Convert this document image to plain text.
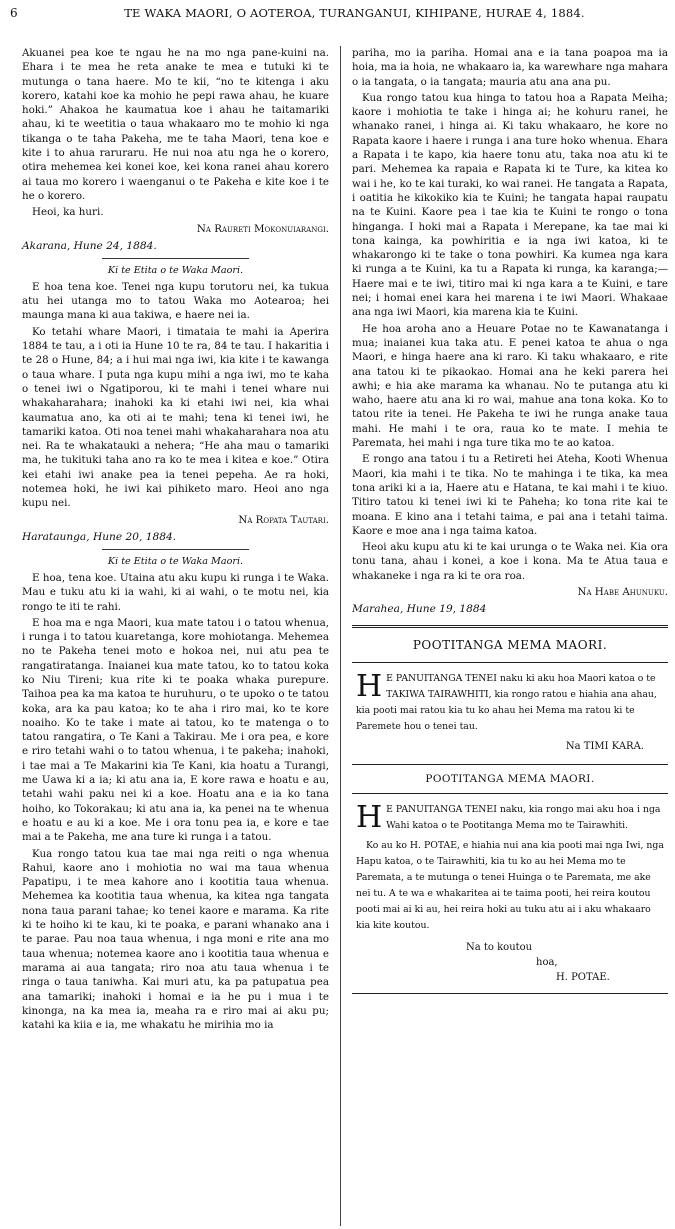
6	TE WAKA MAORI, O AOTEROA, TURANGANUI, KIHIPANE, HURAE 4, 1884.

Akuanei pea koe te ngau he na mo nga pane-kuini na. Ehara i te mea he reta anake te mea e tutuki ki te mutunga o tana haere. Mo te kii, “no te kitenga i aku korero, katahi koe ka mohio he pepi rawa ahau, he kuare hoki.” Ahakoa he kaumatua koe i ahau he taitamariki ahau, ki te weetitia o taua whakaaro mo te mohio ki nga tikanga o te taha Pakeha, me te taha Maori, tena koe e kite i to ahua raruraru. He nui noa atu nga he o korero, otira mehemea kei konei koe, kei kona ranei ahau korero ai taua mo korero i waenganui o te Pakeha e kite koe i te he o korero.

Heoi, ka huri.

Na Raureti Mokonuiarangi.
Akarana, Hune 24, 1884.
Ki te Etita o te Waka Maori.

E hoa tena koe. Tenei nga kupu torutoru nei, ka tukua atu hei utanga mo to tatou Waka mo Aotearoa; hei maunga mana ki aua takiwa, e haere nei ia.

Ko tetahi whare Maori, i timataia te mahi ia Aperira 1884 te tau, a i oti ia Hune 10 te ra, 84 te tau. I hakaritia i te 28 o Hune, 84; a i hui mai nga iwi, kia kite i te kawanga o taua whare. I puta nga kupu mihi a nga iwi, mo te kaha o tenei iwi o Ngatiporou, ki te mahi i tenei whare nui whakaharahara; inahoki ka ki etahi iwi nei, kia whai kaumatua ano, ka oti ai te mahi; tena ki tenei iwi, he tamariki katoa. Oti noa tenei mahi whakaharahara noa atu nei. Ra te whakatauki a nehera; “He aha mau o tamariki ma, he tukituki taha ano ra ko te mea i kitea e koe.” Otira kei etahi iwi anake pea ia tenei pepeha. Ae ra hoki, notemea hoki, he iwi kai pihiketo maro. Heoi ano nga kupu nei.

Na Ropata Tautari.
Harataunga, Hune 20, 1884.
Ki te Etita o te Waka Maori.

E hoa, tena koe. Utaina atu aku kupu ki runga i te Waka. Mau e tuku atu ki ia wahi, ki ai wahi, o te motu nei, kia rongo te iti te rahi.

E hoa ma e nga Maori, kua mate tatou i o tatou whenua, i runga i to tatou kuaretanga, kore mohiotanga. Mehemea no te Pakeha tenei moto e hokoa nei, nui atu pea te rangatiratanga. Inaianei kua mate tatou, ko to tatou koka ko Niu Tireni; kua rite ki te poaka whaka purepure. Taihoa pea ka ma katoa te huruhuru, o te upoko o te tatou koka, ara ka pau katoa; ko te aha i riro mai, ko te kore noaiho. Ko te take i mate ai tatou, ko te matenga o to tatou rangatira, o Te Kani a Takirau. Me i ora pea, e kore e riro tetahi wahi o to tatou whenua, i te pakeha; inahoki, i tae mai a Te Makarini kia Te Kani, kia hoatu a Turangi, me Uawa ki a ia; ki atu ana ia, E kore rawa e hoatu e au, tetahi wahi paku nei ki a koe. Hoatu ana e ia ko tana hoiho, ko Tokorakau; ki atu ana ia, ka penei na te whenua e hoatu e au ki a koe. Me i ora tonu pea ia, e kore e tae mai a te Pakeha, me ana ture ki runga i a tatou.

Kua rongo tatou kua tae mai nga reiti o nga whenua Rahui, kaore ano i mohiotia no wai ma taua whenua Papatipu, i te mea kahore ano i kootitia taua whenua. Mehemea ka kootitia taua whenua, ka kitea nga tangata nona taua parani tahae; ko tenei kaore e marama. Ka rite ki te hoiho ki te kau, ki te poaka, e parani whanako ana i te parae. Pau noa taua whenua, i nga moni e rite ana mo taua whenua; notemea kaore ano i kootitia taua whenua e marama ai aua tangata; riro noa atu taua whenua i te ringa o taua taniwha. Kai muri atu, ka pa patupatua pea ana tamariki; inahoki i homai e ia he pu i mua i te kinonga, na ka mea ia, meaha ra e riro mai ai aku pu; katahi ka kiia e ia, me whakatu he mirihia mo ia

pariha, mo ia pariha. Homai ana e ia tana poapoa ma ia hoia, ma ia hoia, ne whakaaro ia, ka warewhare nga mahara o ia tangata, o ia tangata; mauria atu ana ana pu.

Kua rongo tatou kua hinga to tatou hoa a Rapata Meiha; kaore i mohiotia te take i hinga ai; he kohuru ranei, he whanako ranei, i hinga ai. Ki taku whakaaro, he kore no Rapata kaore i haere i runga i ana ture hoko whenua. Ehara a Rapata i te kapo, kia haere tonu atu, taka noa atu ki te pari. Mehemea ka rapaia e Rapata ki te Ture, ka kitea ko wai i he, ko te kai turaki, ko wai ranei. He tangata a Rapata, i oatitia he kikokiko kia te Kuini; he tangata hapai raupatu na te Kuini. Kaore pea i tae kia te Kuini te rongo o tona hinganga. I hoki mai a Rapata i Merepane, ka tae mai ki tona kainga, ka powhiritia e ia nga iwi katoa, ki te whakarongo ki te take o tona powhiri. Ka kumea nga kara ki runga a te Kuini, ka tu a Rapata ki runga, ka karanga;— Haere mai e te iwi, titiro mai ki nga kara a te Kuini, e tare nei; i homai enei kara hei marena i te iwi Maori. Whakaae ana nga iwi Maori, kia marena kia te Kuini.

He hoa aroha ano a Heuare Potae no te Kawanatanga i mua; inaianei kua taka atu. E penei katoa te ahua o nga Maori, e hinga haere ana ki raro. Ki taku whakaaro, e rite ana tatou ki te pikaokao. Homai ana he keki parera hei awhi; e hia ake marama ka whanau. No te putanga atu ki waho, haere atu ana ki ro wai, mahue ana tona koka. Ko to tatou rite ia tenei. He Pakeha te iwi he runga anake taua mahi. He mahi i te ora, raua ko te mate. I mehia te Paremata, hei mahi i nga ture tika mo te ao katoa.

E rongo ana tatou i tu a Retireti hei Ateha, Kooti Whenua Maori, kia mahi i te tika. No te mahinga i te tika, ka mea tona ariki ki a ia, Haere atu e Hatana, te kai mahi i te kiuo. Titiro tatou ki tenei iwi ki te Paheha; ko tona rite kai te moana. E kino ana i tetahi taima, e pai ana i tetahi taima. Kaore e moe ana i nga taima katoa.

Heoi aku kupu atu ki te kai urunga o te Waka nei. Kia ora tonu tana, ahau i konei, a koe i kona. Ma te Atua taua e whakaneke i nga ra ki te ora roa.

Na Habe Ahunuku.
Marahea, Hune 19, 1884
POOTITANGA MEMA MAORI.
H E PANUITANGA TENEI naku ki aku hoa Maori katoa o te TAKIWA TAIRAWHITI, kia rongo ratou e hiahia ana ahau, kia pooti mai ratou kia tu ko ahau hei Mema ma ratou ki te Paremete hou o tenei tau.

Na TIMI KARA.
POOTITANGA MEMA MAORI.
H E PANUITANGA TENEI naku, kia rongo mai aku hoa i nga Wahi katoa o te Pootitanga Mema mo te Tairawhiti.

Ko au ko H. POTAE, e hiahia nui ana kia pooti mai nga Iwi, nga Hapu katoa, o te Tairawhiti, kia tu ko au hei Mema mo te Paremata, a te mutunga o tenei Huinga o te Paremata, me ake nei tu. A te wa e whakaritea ai te taima pooti, hei reira koutou pooti mai ai ki au, hei reira hoki au tuku atu ai i aku whakaaro kia kite koutou.

Na to koutou

hoa,

H. POTAE.
